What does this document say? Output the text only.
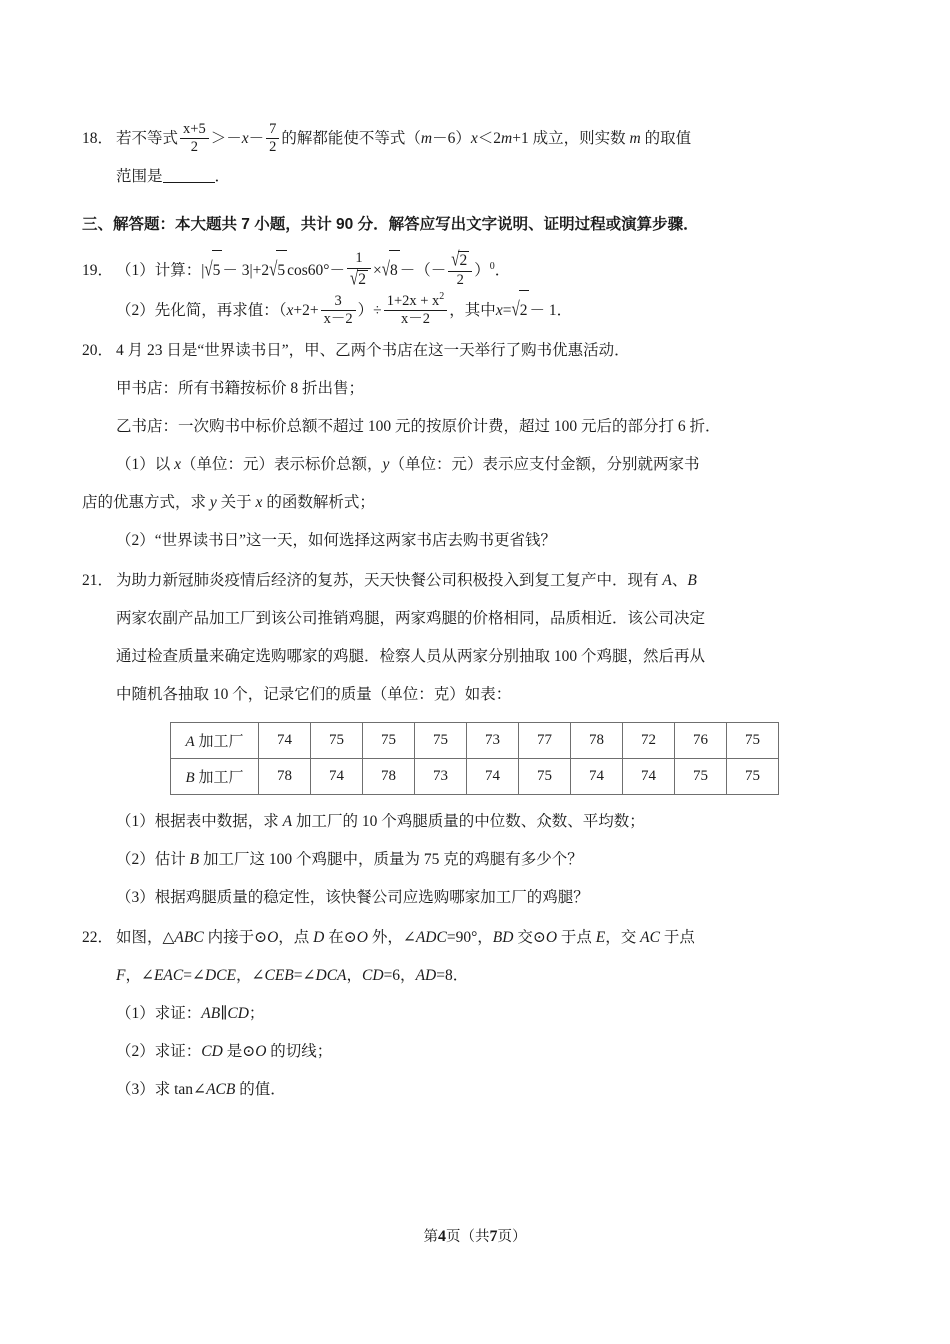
18． 若不等式 $\frac{x+5}{2} >-x- \frac{7}{2}$ 的解都能使不等式（m－6）x＜2m+1 成立，则实数 m 的取值
范围是	．
三、解答题：本大题共 7 小题，共计 90 分．解答应写出文字说明、证明过程或演算步骤．
19． （1）计算：|√5 － 3|+2√5 $\cos 60^\circ- \frac{1}{√2} \times√8$ －（－ $\frac{√2}{2} )^0$．
（2）先化简，再求值：（$x+2+ \frac{3}{x-2}$ ）÷ $\frac{1+2x + x^2}{x-2}$ ，其中x=√2 － 1．
20． 4 月 23 日是“世界读书日”，甲、乙两个书店在这一天举行了购书优惠活动．
甲书店：所有书籍按标价 8 折出售；
乙书店：一次购书中标价总额不超过 100 元的按原价计费，超过 100 元后的部分打 6 折．
（1）以 x（单位：元）表示标价总额，y（单位：元）表示应支付金额，分别就两家书
店的优惠方式，求 y 关于 x 的函数解析式；
（2）“世界读书日”这一天，如何选择这两家书店去购书更省钱？
21． 为助力新冠肺炎疫情后经济的复苏，天天快餐公司积极投入到复工复产中．现有 A、B
两家农副产品加工厂到该公司推销鸡腿，两家鸡腿的价格相同，品质相近．该公司决定
通过检查质量来确定选购哪家的鸡腿．检察人员从两家分别抽取 100 个鸡腿，然后再从
中随机各抽取 10 个，记录它们的质量（单位：克）如表：
A 加工厂	74	75	75	75	73	77	78	72	76	75
B 加工厂	78	74	78	73	74	75	74	74	75	75
（1）根据表中数据，求 A 加工厂的 10 个鸡腿质量的中位数、众数、平均数；
（2）估计 B 加工厂这 100 个鸡腿中，质量为 75 克的鸡腿有多少个？
（3）根据鸡腿质量的稳定性，该快餐公司应选购哪家加工厂的鸡腿？
22． 如图，△ABC 内接于⊙O，点 D 在⊙O 外，∠ADC=90°，BD 交⊙O 于点 E，交 AC 于点
F，∠EAC=∠DCE，∠CEB=∠DCA，CD=6，AD=8．
（1）求证：AB∥CD；
（2）求证：CD 是⊙O 的切线；
（3）求 tan∠ACB 的值．
第4页（共7页）
